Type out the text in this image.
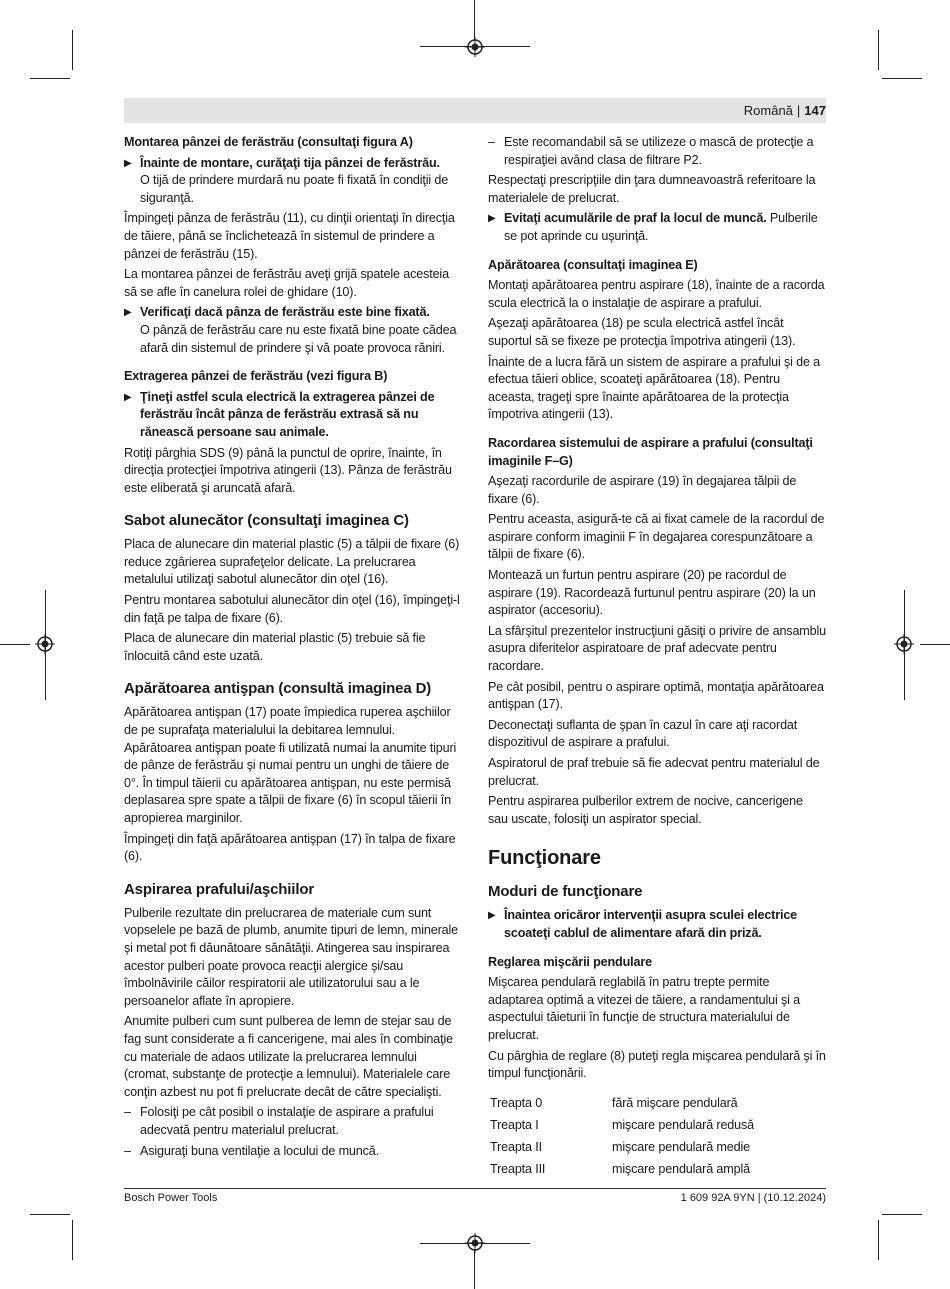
Română | 147
Montarea pânzei de ferăstrău (consultaţi figura A)
▶ Înainte de montare, curăţaţi tija pânzei de ferăstrău.
O tijă de prindere murdară nu poate fi fixată în condiţii de siguranţă.

Împingeţi pânza de ferăstrău (11), cu dinţii orientaţi în direcţia de tăiere, până se înclichetează în sistemul de prindere a pânzei de ferăstrău (15).

La montarea pânzei de ferăstrău aveţi grijă spatele acesteia să se afle în canelura rolei de ghidare (10).

▶ Verificaţi dacă pânza de ferăstrău este bine fixată.
O pânză de ferăstrău care nu este fixată bine poate cădea afară din sistemul de prindere şi vă poate provoca răniri.
Extragerea pânzei de ferăstrău (vezi figura B)
▶ Ţineţi astfel scula electrică la extragerea pânzei de ferăstrău încât pânza de ferăstrău extrasă să nu rănească persoane sau animale.

Rotiţi pârghia SDS (9) până la punctul de oprire, înainte, în direcţia protecţiei împotriva atingerii (13). Pânza de ferăstrău este eliberată şi aruncată afară.

Sabot alunecător (consultaţi imaginea C)

Placa de alunecare din material plastic (5) a tălpii de fixare (6) reduce zgârierea suprafeţelor delicate. La prelucrarea metalului utilizaţi sabotul alunecător din oţel (16).

Pentru montarea sabotului alunecător din oţel (16), împingeţi-l din faţă pe talpa de fixare (6).

Placa de alunecare din material plastic (5) trebuie să fie înlocuită când este uzată.

Apărătoarea antişpan (consultă imaginea D)

Apărătoarea antişpan (17) poate împiedica ruperea aşchiilor de pe suprafaţa materialului la debitarea lemnului. Apărătoarea antişpan poate fi utilizată numai la anumite tipuri de pânze de ferăstrău şi numai pentru un unghi de tăiere de 0°. În timpul tăierii cu apărătoarea antişpan, nu este permisă deplasarea spre spate a tălpii de fixare (6) în scopul tăierii în apropierea marginilor.

Împingeţi din faţă apărătoarea antişpan (17) în talpa de fixare (6).

Aspirarea prafului/aşchiilor

Pulberile rezultate din prelucrarea de materiale cum sunt vopselele pe bază de plumb, anumite tipuri de lemn, minerale şi metal pot fi dăunătoare sănătăţii. Atingerea sau inspirarea acestor pulberi poate provoca reacţii alergice şi/sau îmbolnăvirile căilor respiratorii ale utilizatorului sau a le persoanelor aflate în apropiere.

Anumite pulberi cum sunt pulberea de lemn de stejar sau de fag sunt considerate a fi cancerigene, mai ales în combinaţie cu materiale de adaos utilizate la prelucrarea lemnului (cromat, substanţe de protecţie a lemnului). Materialele care conţin azbest nu pot fi prelucrate decât de către specialişti.

– Folosiţi pe cât posibil o instalaţie de aspirare a prafului adecvată pentru materialul prelucrat.
– Asiguraţi buna ventilaţie a locului de muncă.
– Este recomandabil să se utilizeze o mască de protecţie a respiraţiei având clasa de filtrare P2.

Respectaţi prescripţiile din ţara dumneavoastră referitoare la materialele de prelucrat.

▶ Evitaţi acumulările de praf la locul de muncă. Pulberile se pot aprinde cu uşurinţă.
Apărătoarea (consultaţi imaginea E)

Montaţi apărătoarea pentru aspirare (18), înainte de a racorda scula electrică la o instalaţie de aspirare a prafului.

Aşezaţi apărătoarea (18) pe scula electrică astfel încât suportul să se fixeze pe protecţia împotriva atingerii (13).

Înainte de a lucra fără un sistem de aspirare a prafului şi de a efectua tăieri oblice, scoateţi apărătoarea (18). Pentru aceasta, trageţi spre înainte apărătoarea de la protecţia împotriva atingerii (13).

Racordarea sistemului de aspirare a prafului (consultaţi imaginile F–G)

Aşezaţi racordurile de aspirare (19) în degajarea tălpii de fixare (6).

Pentru aceasta, asigură-te că ai fixat camele de la racordul de aspirare conform imaginii F în degajarea corespunzătoare a tălpii de fixare (6).

Montează un furtun pentru aspirare (20) pe racordul de aspirare (19). Racordează furtunul pentru aspirare (20) la un aspirator (accesoriu).

La sfârşitul prezentelor instrucţiuni găsiţi o privire de ansamblu asupra diferitelor aspiratoare de praf adecvate pentru racordare.

Pe cât posibil, pentru o aspirare optimă, montaţia apărătoarea antişpan (17).

Deconectaţi suflanta de şpan în cazul în care aţi racordat dispozitivul de aspirare a prafului.

Aspiratorul de praf trebuie să fie adecvat pentru materialul de prelucrat.

Pentru aspirarea pulberilor extrem de nocive, cancerigene sau uscate, folosiţi un aspirator special.

Funcţionare
Moduri de funcţionare
▶ Înaintea oricăror intervenţii asupra sculei electrice scoateţi cablul de alimentare afară din priză.
Reglarea mişcării pendulare

Mişcarea pendulară reglabilă în patru trepte permite adaptarea optimă a vitezei de tăiere, a randamentului şi a aspectului tăieturii în funcţie de structura materialului de prelucrat.

Cu pârghia de reglare (8) puteţi regla mişcarea pendulară şi în timpul funcţionării.

Treapta 0	fără mişcare pendulară
Treapta I	mişcare pendulară redusă
Treapta II	mişcare pendulară medie
Treapta III	mişcare pendulară amplă
Bosch Power Tools	1 609 92A 9YN | (10.12.2024)
